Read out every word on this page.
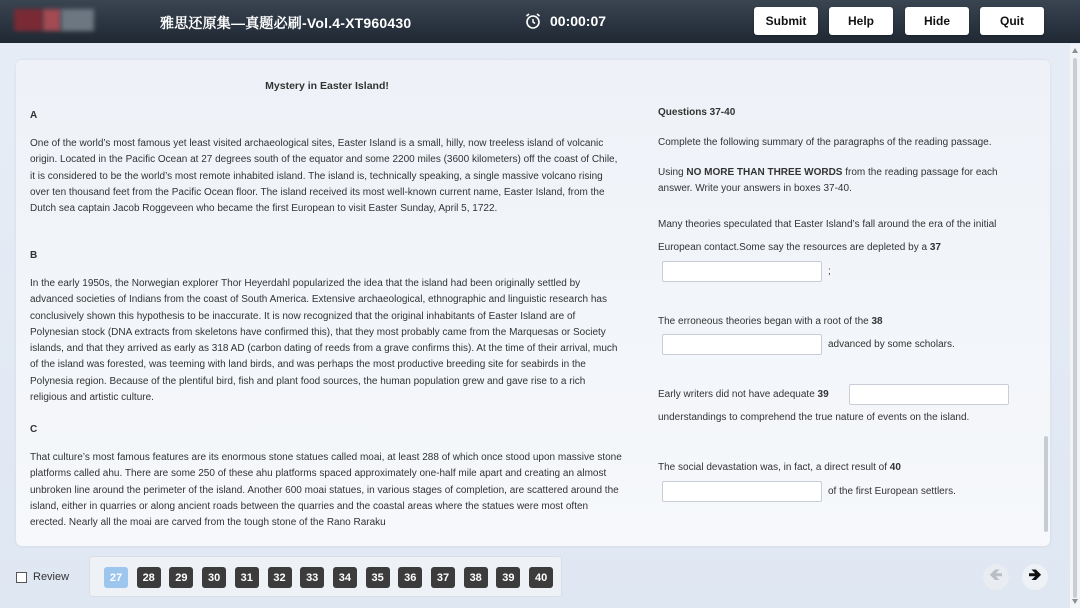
雅思还原集—真题必刷-Vol.4-XT960430	00:00:07	Submit	Help	Hide	Quit
Mystery in Easter Island!
A

One of the world’s most famous yet least visited archaeological sites, Easter Island is a small, hilly, now treeless island of volcanic origin. Located in the Pacific Ocean at 27 degrees south of the equator and some 2200 miles (3600 kilometers) off the coast of Chile, it is considered to be the world’s most remote inhabited island. The island is, technically speaking, a single massive volcano rising over ten thousand feet from the Pacific Ocean floor. The island received its most well-known current name, Easter Island, from the Dutch sea captain Jacob Roggeveen who became the first European to visit Easter Sunday, April 5, 1722.

B

In the early 1950s, the Norwegian explorer Thor Heyerdahl popularized the idea that the island had been originally settled by advanced societies of Indians from the coast of South America. Extensive archaeological, ethnographic and linguistic research has conclusively shown this hypothesis to be inaccurate. It is now recognized that the original inhabitants of Easter Island are of Polynesian stock (DNA extracts from skeletons have confirmed this), that they most probably came from the Marquesas or Society islands, and that they arrived as early as 318 AD (carbon dating of reeds from a grave confirms this). At the time of their arrival, much of the island was forested, was teeming with land birds, and was perhaps the most productive breeding site for seabirds in the Polynesia region. Because of the plentiful bird, fish and plant food sources, the human population grew and gave rise to a rich religious and artistic culture.

C

That culture’s most famous features are its enormous stone statues called moai, at least 288 of which once stood upon massive stone platforms called ahu. There are some 250 of these ahu platforms spaced approximately one-half mile apart and creating an almost unbroken line around the perimeter of the island. Another 600 moai statues, in various stages of completion, are scattered around the island, either in quarries or along ancient roads between the quarries and the coastal areas where the statues were most often erected. Nearly all the moai are carved from the tough stone of the Rano Raraku

Questions 37-40
Complete the following summary of the paragraphs of the reading passage.
Using NO MORE THAN THREE WORDS from the reading passage for each answer. Write your answers in boxes 37-40.
Many theories speculated that Easter Island’s fall around the era of the initial
European contact.Some say the resources are depleted by a 37
;
The erroneous theories began with a root of the 38
advanced by some scholars.
Early writers did not have adequate 39
understandings to comprehend the true nature of events on the island.
The social devastation was, in fact, a direct result of 40
of the first European settlers.
Review	27	28	29	30	31	32	33	34	35	36	37	38	39	40	🡸	🡺
